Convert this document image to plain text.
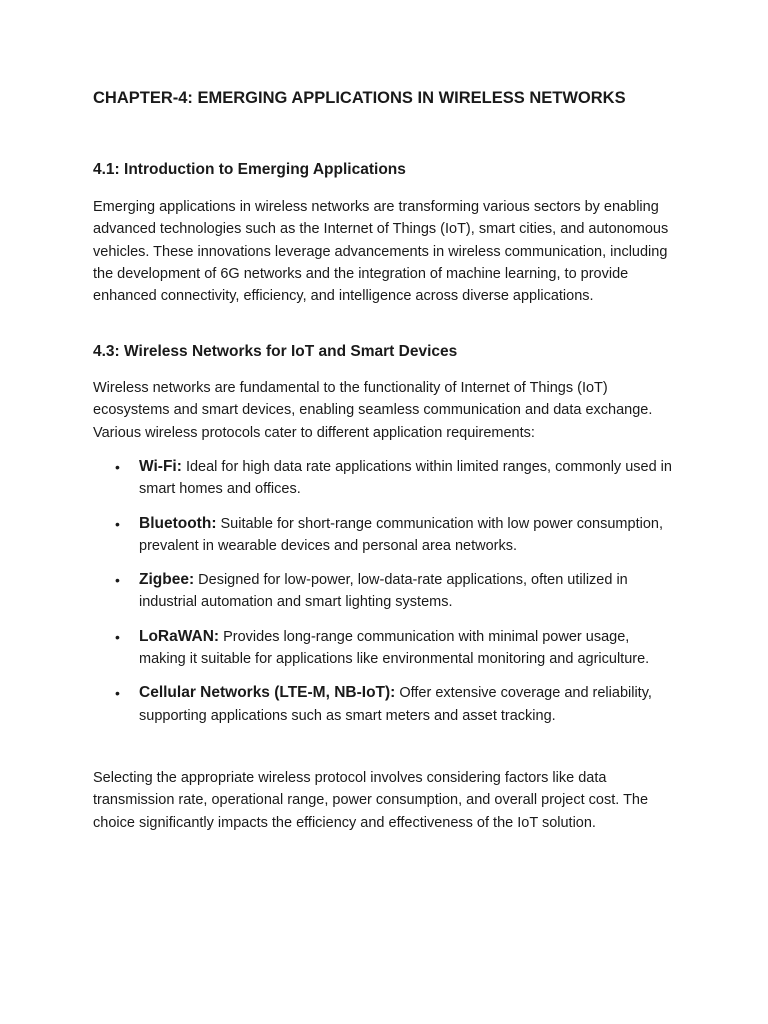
CHAPTER-4: EMERGING APPLICATIONS IN WIRELESS NETWORKS
4.1: Introduction to Emerging Applications

Emerging applications in wireless networks are transforming various sectors by enabling advanced technologies such as the Internet of Things (IoT), smart cities, and autonomous vehicles. These innovations leverage advancements in wireless communication, including the development of 6G networks and the integration of machine learning, to provide enhanced connectivity, efficiency, and intelligence across diverse applications.

4.3: Wireless Networks for IoT and Smart Devices

Wireless networks are fundamental to the functionality of Internet of Things (IoT) ecosystems and smart devices, enabling seamless communication and data exchange. Various wireless protocols cater to different application requirements:

• Wi-Fi: Ideal for high data rate applications within limited ranges, commonly used in smart homes and offices.
• Bluetooth: Suitable for short-range communication with low power consumption, prevalent in wearable devices and personal area networks.
• Zigbee: Designed for low-power, low-data-rate applications, often utilized in industrial automation and smart lighting systems.
• LoRaWAN: Provides long-range communication with minimal power usage, making it suitable for applications like environmental monitoring and agriculture.
• Cellular Networks (LTE-M, NB-IoT): Offer extensive coverage and reliability, supporting applications such as smart meters and asset tracking.

Selecting the appropriate wireless protocol involves considering factors like data transmission rate, operational range, power consumption, and overall project cost. The choice significantly impacts the efficiency and effectiveness of the IoT solution.
